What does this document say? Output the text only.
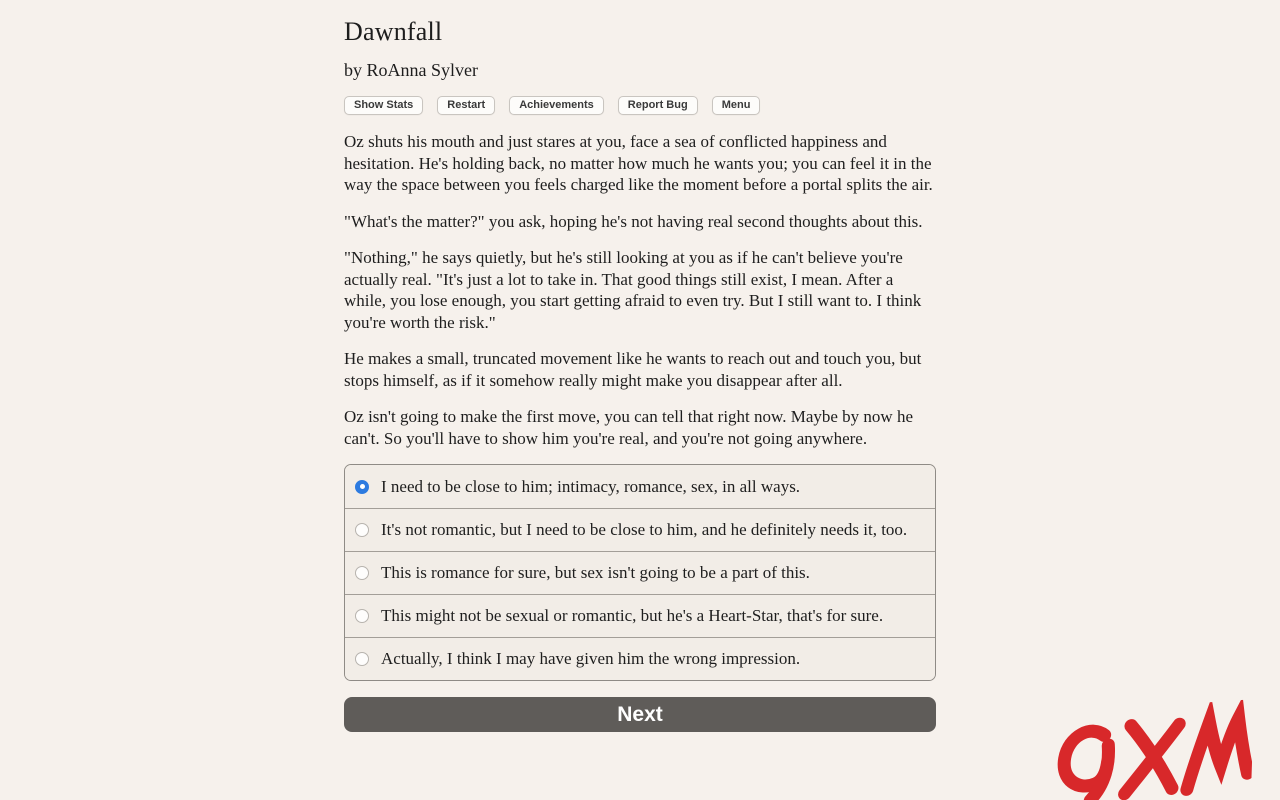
Dawnfall
by RoAnna Sylver
Show Stats	Restart	Achievements	Report Bug	Menu

Oz shuts his mouth and just stares at you, face a sea of conflicted happiness and hesitation. He's holding back, no matter how much he wants you; you can feel it in the way the space between you feels charged like the moment before a portal splits the air.

"What's the matter?" you ask, hoping he's not having real second thoughts about this.

"Nothing," he says quietly, but he's still looking at you as if he can't believe you're actually real. "It's just a lot to take in. That good things still exist, I mean. After a while, you lose enough, you start getting afraid to even try. But I still want to. I think you're worth the risk."

He makes a small, truncated movement like he wants to reach out and touch you, but stops himself, as if it somehow really might make you disappear after all.

Oz isn't going to make the first move, you can tell that right now. Maybe by now he can't. So you'll have to show him you're real, and you're not going anywhere.

I need to be close to him; intimacy, romance, sex, in all ways.
It's not romantic, but I need to be close to him, and he definitely needs it, too.
This is romance for sure, but sex isn't going to be a part of this.
This might not be sexual or romantic, but he's a Heart-Star, that's for sure.
Actually, I think I may have given him the wrong impression.
Next
